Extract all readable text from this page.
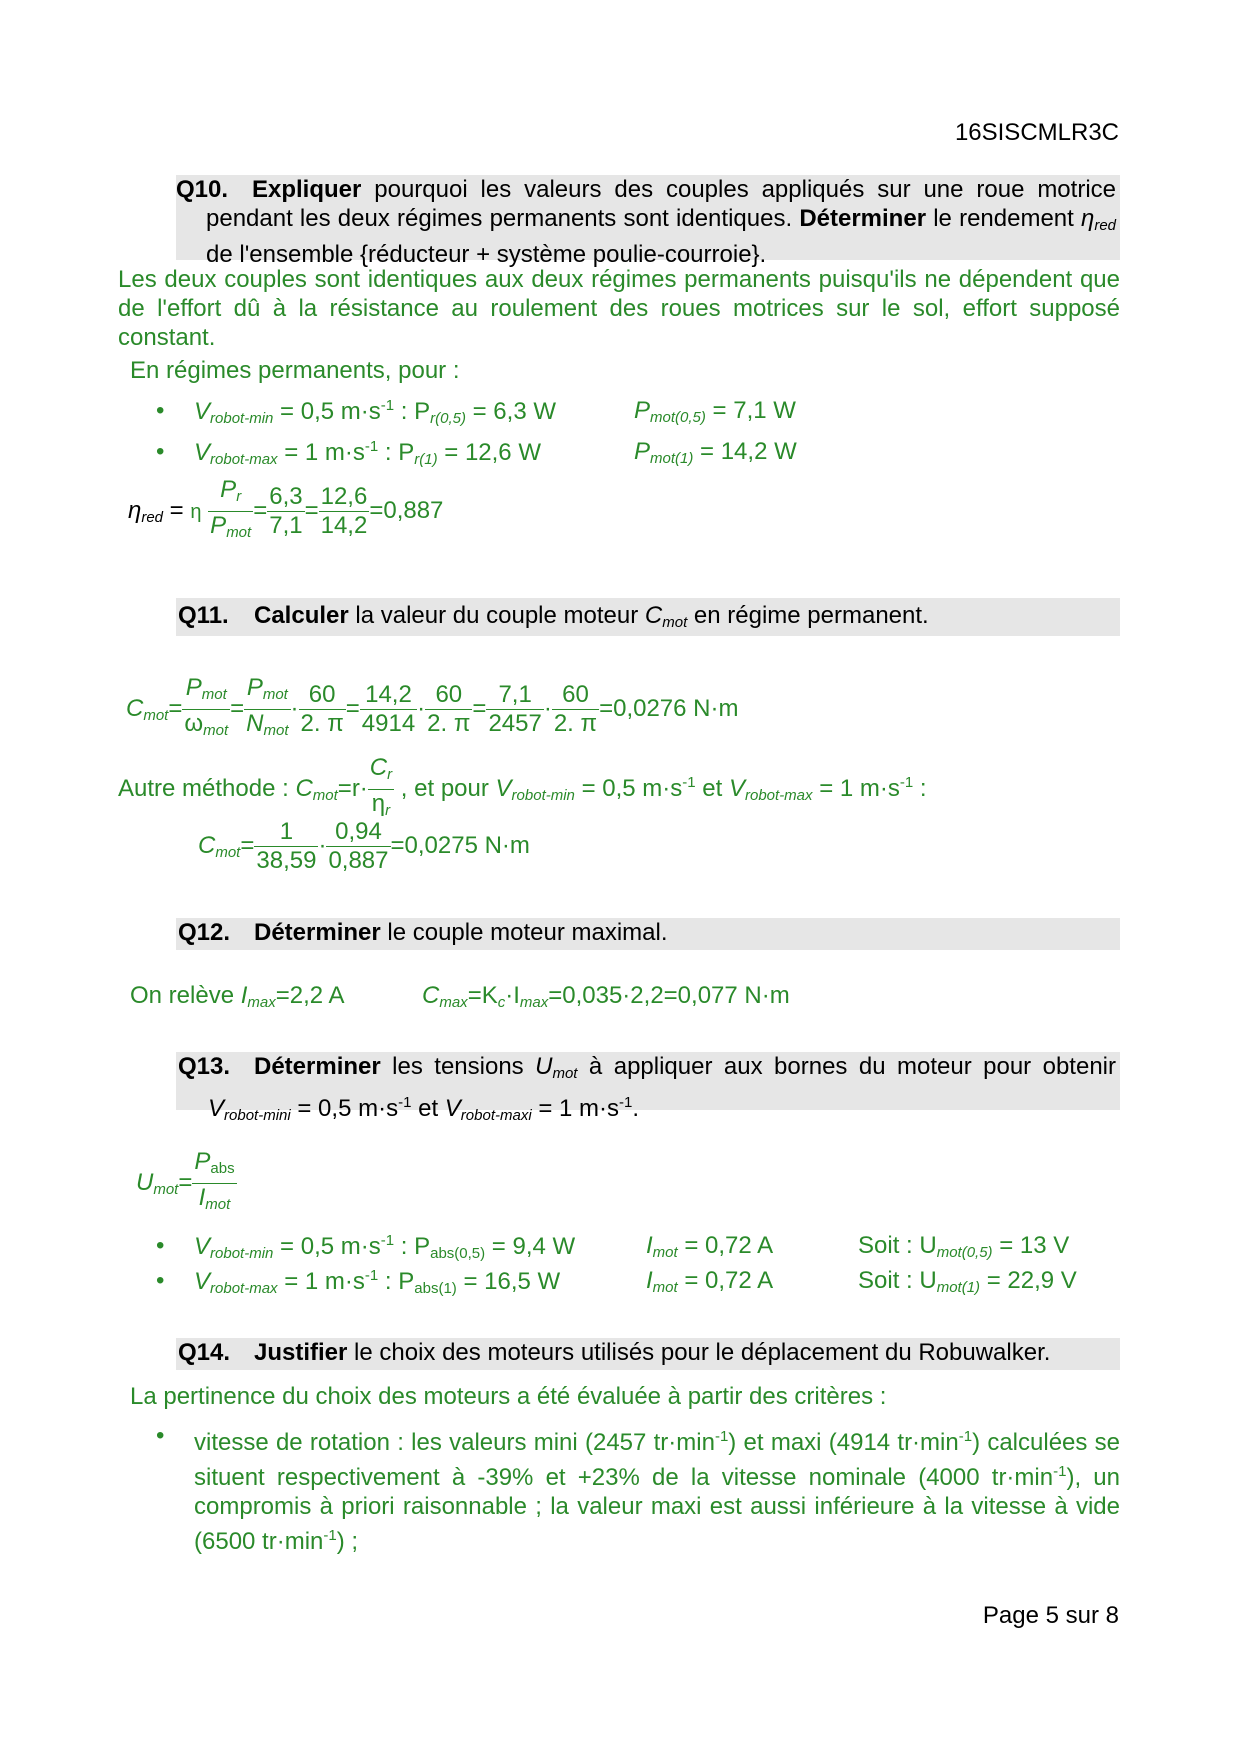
16SISCMLR3C
Q10. Expliquer pourquoi les valeurs des couples appliqués sur une roue motrice pendant les deux régimes permanents sont identiques. Déterminer le rendement $\eta_{red}$ de l'ensemble {réducteur + système poulie-courroie}.
Les deux couples sont identiques aux deux régimes permanents puisqu'ils ne dépendent que de l'effort dû à la résistance au roulement des roues motrices sur le sol, effort supposé constant.
En régimes permanents, pour :
• $V_{robot-min} = 0,5$ $m\cdot s^{-1}$ : $P_{r(0,5)} = 6,3$ W	$P_{mot(0,5)} = 7,1$ W
• $V_{robot-max} = 1$ $m\cdot s^{-1}$ : $P_{r(1)} = 12,6$ W	$P_{mot(1)} = 14,2$ W
$\eta_{red} = \eta \frac{P_r}{P_{mot}} = \frac{6,3}{7,1} = \frac{12,6}{14,2} =0,887$
Q11. Calculer la valeur du couple moteur $C_{mot}$ en régime permanent.
$C_{mot}= \frac{P_{mot}}{\omega_{mot}} = \frac{P_{mot}}{N_{mot}} \cdot \frac{60}{2. \pi} = \frac{14,2}{4914} \cdot \frac{60}{2. \pi} = \frac{7,1}{2457} \cdot \frac{60}{2. \pi} =0,0276$ N·m
Autre méthode : $C_{mot}=r\cdot \frac{C_r}{\eta_r}$ , et pour $V_{robot-min} = 0,5$ $m\cdot s^{-1}$ et $V_{robot-max} = 1$ $m\cdot s^{-1}$ :
$C_{mot}= \frac{1}{38,59} \cdot \frac{0,94}{0,887} =0,0275$ N·m
Q12. Déterminer le couple moteur maximal.
On relève $I_{max}=2,2$ A	$C_{max}=K_c\cdot I_{max}=0,035\cdot 2,2=0,077$ N·m
Q13. Déterminer les tensions $U_{mot}$ à appliquer aux bornes du moteur pour obtenir $V_{robot-mini} = 0,5$ $m\cdot s^{-1}$ et $V_{robot-maxi} = 1$ $m\cdot s^{-1}$.
$U_{mot}= \frac{P_{abs}}{I_{mot}}$
• $V_{robot-min} = 0,5$ $m\cdot s^{-1}$ : $P_{abs(0,5)} = 9,4$ W	$I_{mot} = 0,72$ A	Soit : $U_{mot(0,5)} = 13$ V
• $V_{robot-max} = 1$ $m\cdot s^{-1}$ : $P_{abs(1)} = 16,5$ W	$I_{mot} = 0,72$ A	Soit : $U_{mot(1)} = 22,9$ V
Q14. Justifier le choix des moteurs utilisés pour le déplacement du Robuwalker.
La pertinence du choix des moteurs a été évaluée à partir des critères :
• vitesse de rotation : les valeurs mini (2457 $tr\cdot\min^{-1}$) et maxi (4914 $tr\cdot\min^{-1}$) calculées se situent respectivement à -39% et +23% de la vitesse nominale (4000 $tr\cdot\min^{-1}$), un compromis à priori raisonnable ; la valeur maxi est aussi inférieure à la vitesse à vide (6500 $tr\cdot\min^{-1}$) ;
Page 5 sur 8
